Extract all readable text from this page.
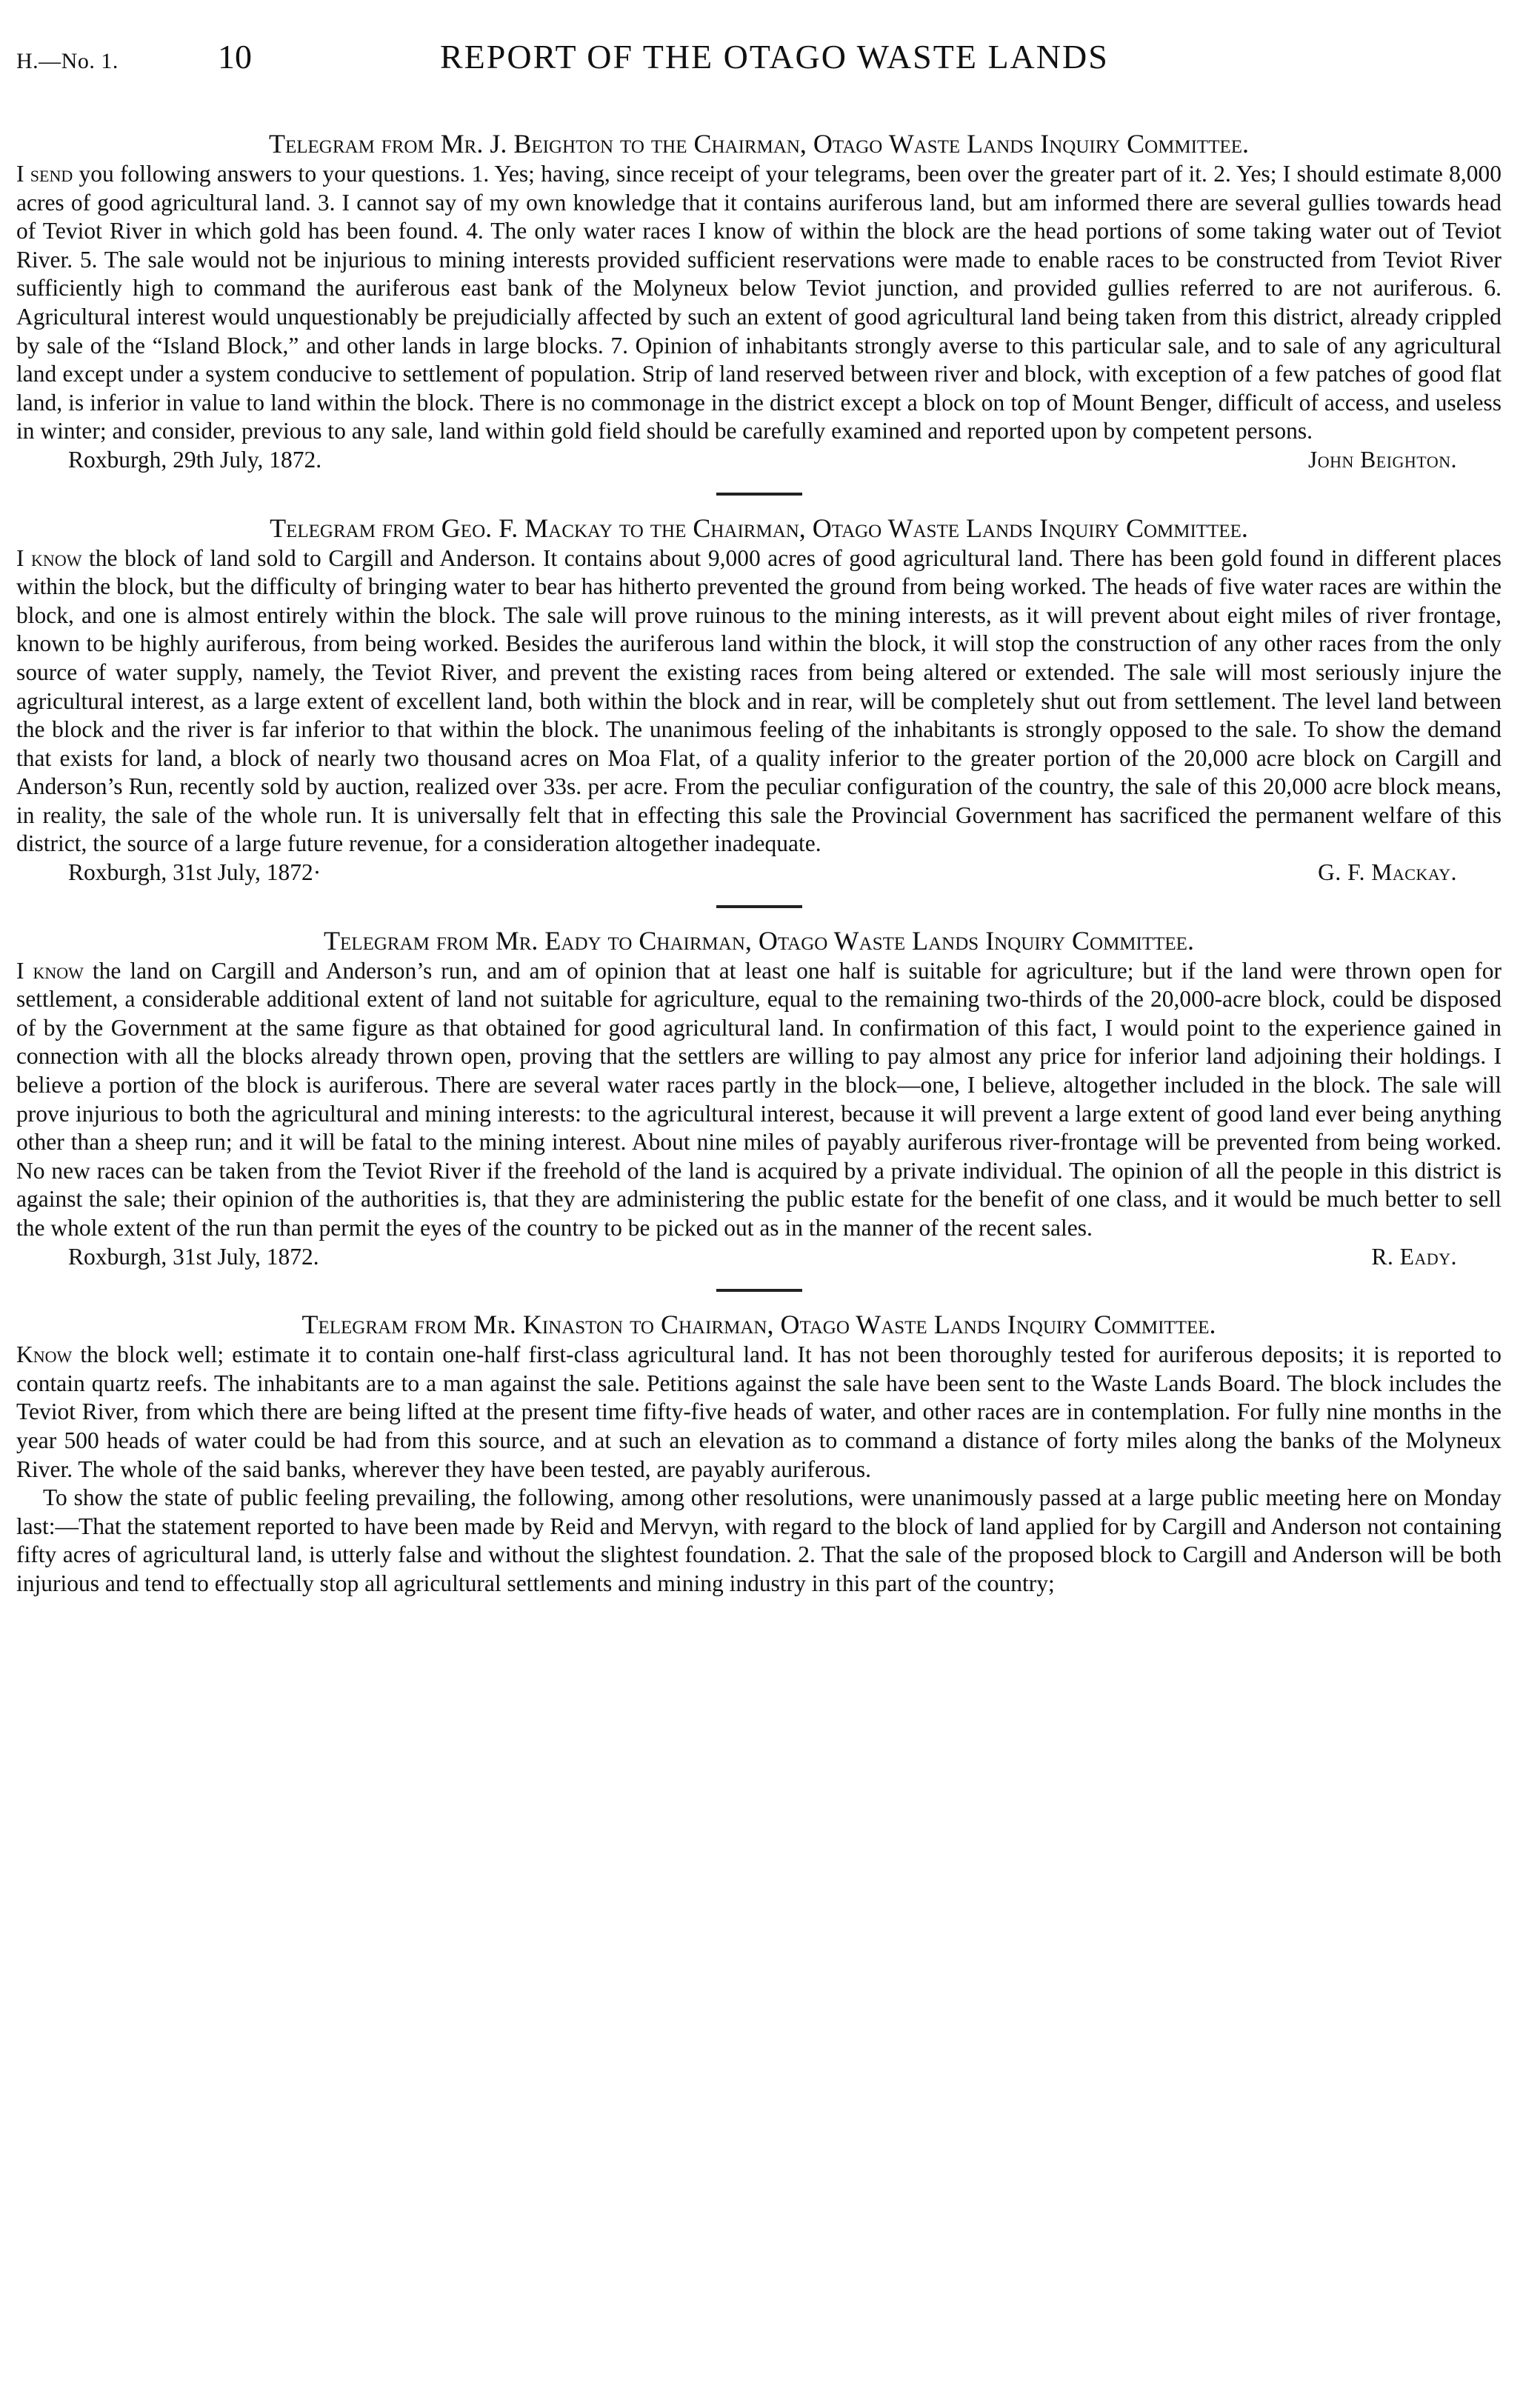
H.—No. 1.	10	REPORT OF THE OTAGO WASTE LANDS

Telegram from Mr. J. Beighton to the Chairman, Otago Waste Lands Inquiry Committee.

I send you following answers to your questions. 1. Yes; having, since receipt of your telegrams, been over the greater part of it. 2. Yes; I should estimate 8,000 acres of good agricultural land. 3. I cannot say of my own knowledge that it contains auriferous land, but am informed there are several gullies towards head of Teviot River in which gold has been found. 4. The only water races I know of within the block are the head portions of some taking water out of Teviot River. 5. The sale would not be injurious to mining interests provided sufficient reservations were made to enable races to be constructed from Teviot River sufficiently high to command the auriferous east bank of the Molyneux below Teviot junction, and provided gullies referred to are not auriferous. 6. Agricultural interest would unquestionably be prejudicially affected by such an extent of good agricultural land being taken from this district, already crippled by sale of the “Island Block,” and other lands in large blocks. 7. Opinion of inhabitants strongly averse to this particular sale, and to sale of any agricultural land except under a system conducive to settlement of population. Strip of land reserved between river and block, with exception of a few patches of good flat land, is inferior in value to land within the block. There is no commonage in the district except a block on top of Mount Benger, difficult of access, and useless in winter; and consider, previous to any sale, land within gold field should be carefully examined and reported upon by competent persons.

Roxburgh, 29th July, 1872.	John Beighton.

Telegram from Geo. F. Mackay to the Chairman, Otago Waste Lands Inquiry Committee.

I know the block of land sold to Cargill and Anderson. It contains about 9,000 acres of good agricultural land. There has been gold found in different places within the block, but the difficulty of bringing water to bear has hitherto prevented the ground from being worked. The heads of five water races are within the block, and one is almost entirely within the block. The sale will prove ruinous to the mining interests, as it will prevent about eight miles of river frontage, known to be highly auriferous, from being worked. Besides the auriferous land within the block, it will stop the construction of any other races from the only source of water supply, namely, the Teviot River, and prevent the existing races from being altered or extended. The sale will most seriously injure the agricultural interest, as a large extent of excellent land, both within the block and in rear, will be completely shut out from settlement. The level land between the block and the river is far inferior to that within the block. The unanimous feeling of the inhabitants is strongly opposed to the sale. To show the demand that exists for land, a block of nearly two thousand acres on Moa Flat, of a quality inferior to the greater portion of the 20,000 acre block on Cargill and Anderson’s Run, recently sold by auction, realized over 33s. per acre. From the peculiar configuration of the country, the sale of this 20,000 acre block means, in reality, the sale of the whole run. It is universally felt that in effecting this sale the Provincial Government has sacrificed the permanent welfare of this district, the source of a large future revenue, for a consideration altogether inadequate.

Roxburgh, 31st July, 1872·	G. F. Mackay.

Telegram from Mr. Eady to Chairman, Otago Waste Lands Inquiry Committee.

I know the land on Cargill and Anderson’s run, and am of opinion that at least one half is suitable for agriculture; but if the land were thrown open for settlement, a considerable additional extent of land not suitable for agriculture, equal to the remaining two-thirds of the 20,000-acre block, could be disposed of by the Government at the same figure as that obtained for good agricultural land. In confirmation of this fact, I would point to the experience gained in connection with all the blocks already thrown open, proving that the settlers are willing to pay almost any price for inferior land adjoining their holdings. I believe a portion of the block is auriferous. There are several water races partly in the block—one, I believe, altogether included in the block. The sale will prove injurious to both the agricultural and mining interests: to the agricultural interest, because it will prevent a large extent of good land ever being anything other than a sheep run; and it will be fatal to the mining interest. About nine miles of payably auriferous river-frontage will be prevented from being worked. No new races can be taken from the Teviot River if the freehold of the land is acquired by a private individual. The opinion of all the people in this district is against the sale; their opinion of the authorities is, that they are administering the public estate for the benefit of one class, and it would be much better to sell the whole extent of the run than permit the eyes of the country to be picked out as in the manner of the recent sales.

Roxburgh, 31st July, 1872.	R. Eady.

Telegram from Mr. Kinaston to Chairman, Otago Waste Lands Inquiry Committee.

Know the block well; estimate it to contain one-half first-class agricultural land. It has not been thoroughly tested for auriferous deposits; it is reported to contain quartz reefs. The inhabitants are to a man against the sale. Petitions against the sale have been sent to the Waste Lands Board. The block includes the Teviot River, from which there are being lifted at the present time fifty-five heads of water, and other races are in contemplation. For fully nine months in the year 500 heads of water could be had from this source, and at such an elevation as to command a distance of forty miles along the banks of the Molyneux River. The whole of the said banks, wherever they have been tested, are payably auriferous.

To show the state of public feeling prevailing, the following, among other resolutions, were unanimously passed at a large public meeting here on Monday last:—That the statement reported to have been made by Reid and Mervyn, with regard to the block of land applied for by Cargill and Anderson not containing fifty acres of agricultural land, is utterly false and without the slightest foundation. 2. That the sale of the proposed block to Cargill and Anderson will be both injurious and tend to effectually stop all agricultural settlements and mining industry in this part of the country;
